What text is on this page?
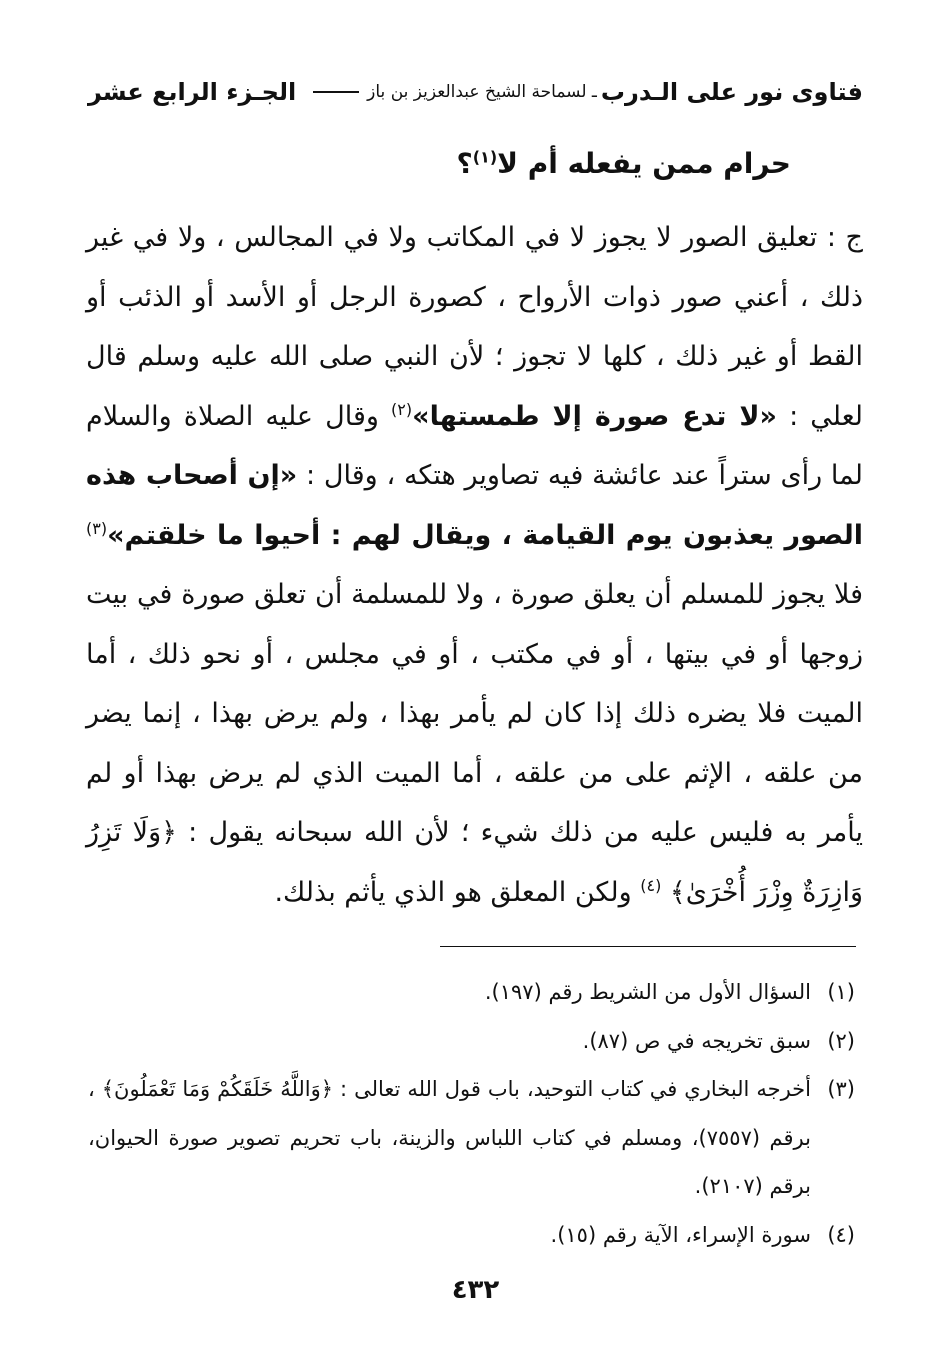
فتاوى نور على الـدرب
ـ لسماحة الشيخ عبدالعزيز بن باز
الجـزء الرابع عشر
حرام ممن يفعله أم لا$^{(١)}$؟

ج : تعليق الصور لا يجوز لا في المكاتب ولا في المجالس ، ولا في غير ذلك ، أعني صور ذوات الأرواح ، كصورة الرجل أو الأسد أو الذئب أو القط أو غير ذلك ، كلها لا تجوز ؛ لأن النبي صلى الله عليه وسلم قال لعلي : «لا تدع صورة إلا طمستها»$^{(٢)}$ وقال عليه الصلاة والسلام لما رأى ستراً عند عائشة فيه تصاوير هتكه ، وقال : «إن أصحاب هذه الصور يعذبون يوم القيامة ، ويقال لهم : أحيوا ما خلقتم»$^{(٣)}$ فلا يجوز للمسلم أن يعلق صورة ، ولا للمسلمة أن تعلق صورة في بيت زوجها أو في بيتها ، أو في مكتب ، أو في مجلس ، أو نحو ذلك ، أما الميت فلا يضره ذلك إذا كان لم يأمر بهذا ، ولم يرض بهذا ، إنما يضر من علقه ، الإثم على من علقه ، أما الميت الذي لم يرض بهذا أو لم يأمر به فليس عليه من ذلك شيء ؛ لأن الله سبحانه يقول : ﴿وَلَا تَزِرُ وَازِرَةٌ وِزْرَ أُخْرَىٰ﴾ $^{(٤)}$ ولكن المعلق هو الذي يأثم بذلك.

(١)
السؤال الأول من الشريط رقم (١٩٧).
(٢)
سبق تخريجه في ص (٨٧).
(٣)
أخرجه البخاري في كتاب التوحيد، باب قول الله تعالى : ﴿وَاللَّهُ خَلَقَكُمْ وَمَا تَعْمَلُونَ﴾ ، برقم (٧٥٥٧)، ومسلم في كتاب اللباس والزينة، باب تحريم تصوير صورة الحيوان، برقم (٢١٠٧).
(٤)
سورة الإسراء، الآية رقم (١٥).
٤٣٢
